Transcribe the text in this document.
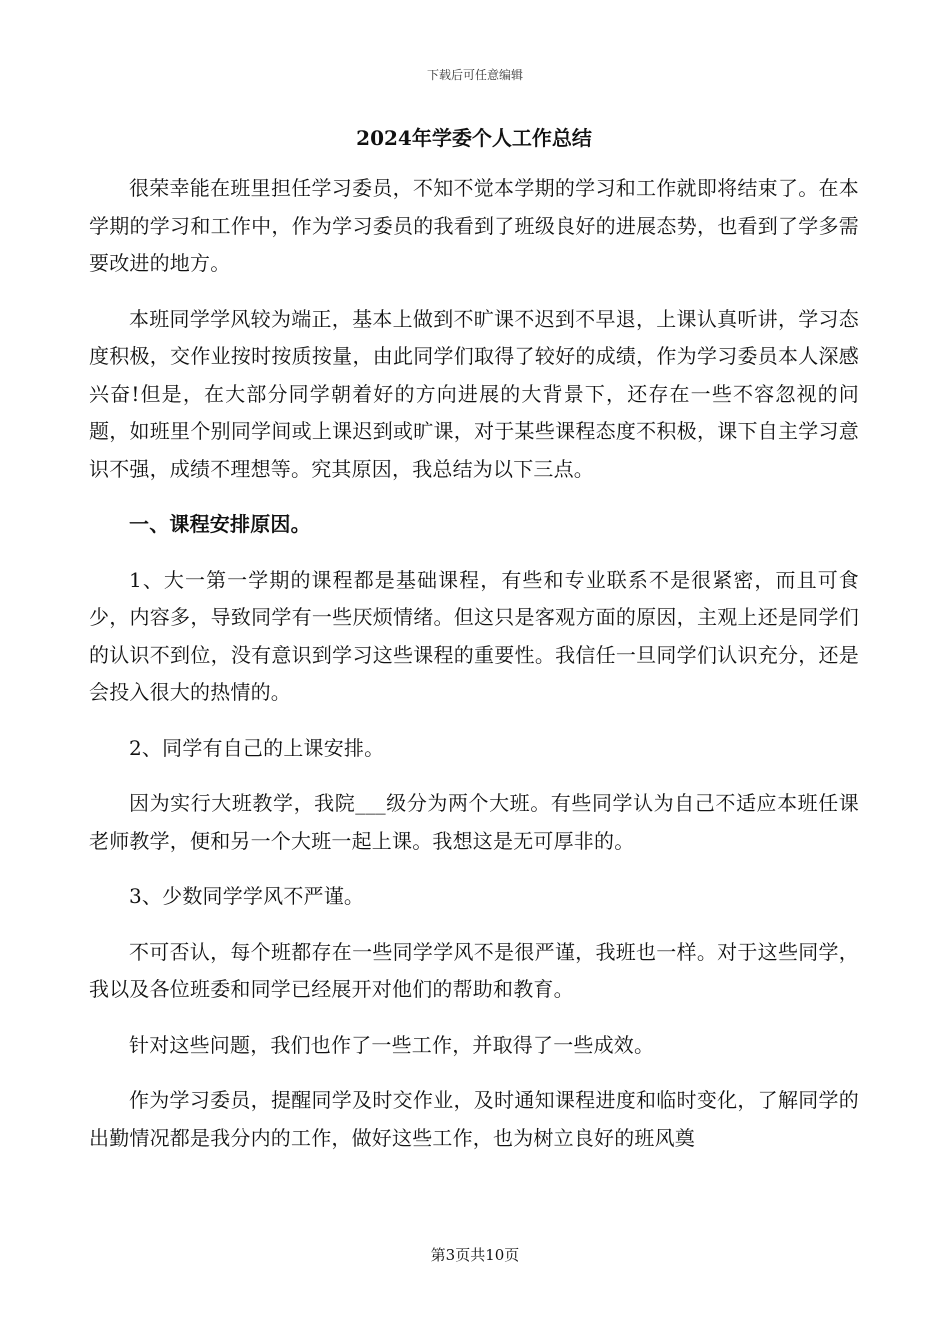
下载后可任意编辑
2024年学委个人工作总结

很荣幸能在班里担任学习委员，不知不觉本学期的学习和工作就即将结束了。在本学期的学习和工作中，作为学习委员的我看到了班级良好的进展态势，也看到了学多需要改进的地方。

本班同学学风较为端正，基本上做到不旷课不迟到不早退，上课认真听讲，学习态度积极，交作业按时按质按量，由此同学们取得了较好的成绩，作为学习委员本人深感兴奋!但是，在大部分同学朝着好的方向进展的大背景下，还存在一些不容忽视的问题，如班里个别同学间或上课迟到或旷课，对于某些课程态度不积极，课下自主学习意识不强，成绩不理想等。究其原因，我总结为以下三点。

一、课程安排原因。

1、大一第一学期的课程都是基础课程，有些和专业联系不是很紧密，而且可食少，内容多，导致同学有一些厌烦情绪。但这只是客观方面的原因，主观上还是同学们的认识不到位，没有意识到学习这些课程的重要性。我信任一旦同学们认识充分，还是会投入很大的热情的。

2、同学有自己的上课安排。

因为实行大班教学，我院___级分为两个大班。有些同学认为自己不适应本班任课老师教学，便和另一个大班一起上课。我想这是无可厚非的。

3、少数同学学风不严谨。

不可否认，每个班都存在一些同学学风不是很严谨，我班也一样。对于这些同学，我以及各位班委和同学已经展开对他们的帮助和教育。

针对这些问题，我们也作了一些工作，并取得了一些成效。

作为学习委员，提醒同学及时交作业，及时通知课程进度和临时变化，了解同学的出勤情况都是我分内的工作，做好这些工作，也为树立良好的班风奠

第3页共10页
